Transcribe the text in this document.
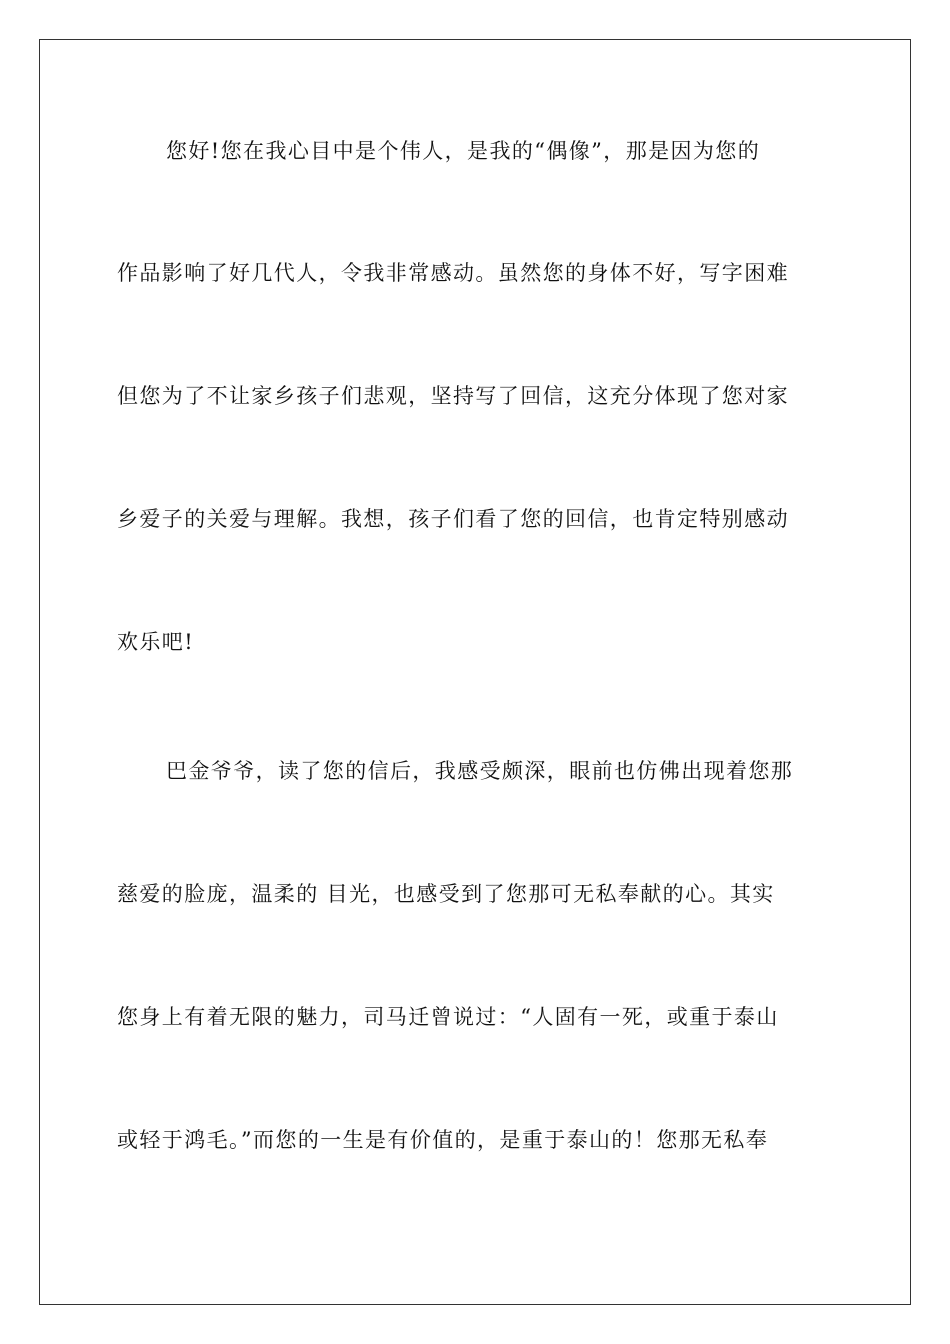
您好!您在我心目中是个伟人，是我的“偶像”，那是因为您的
作品影响了好几代人，令我非常感动。虽然您的身体不好，写字困难
但您为了不让家乡孩子们悲观，坚持写了回信，这充分体现了您对家
乡爱子的关爱与理解。我想，孩子们看了您的回信，也肯定特别感动
欢乐吧!
巴金爷爷，读了您的信后，我感受颇深，眼前也仿佛出现着您那
慈爱的脸庞，温柔的 目光，也感受到了您那可无私奉献的心。其实
您身上有着无限的魅力，司马迁曾说过：“人固有一死，或重于泰山
或轻于鸿毛。”而您的一生是有价值的，是重于泰山的！您那无私奉
